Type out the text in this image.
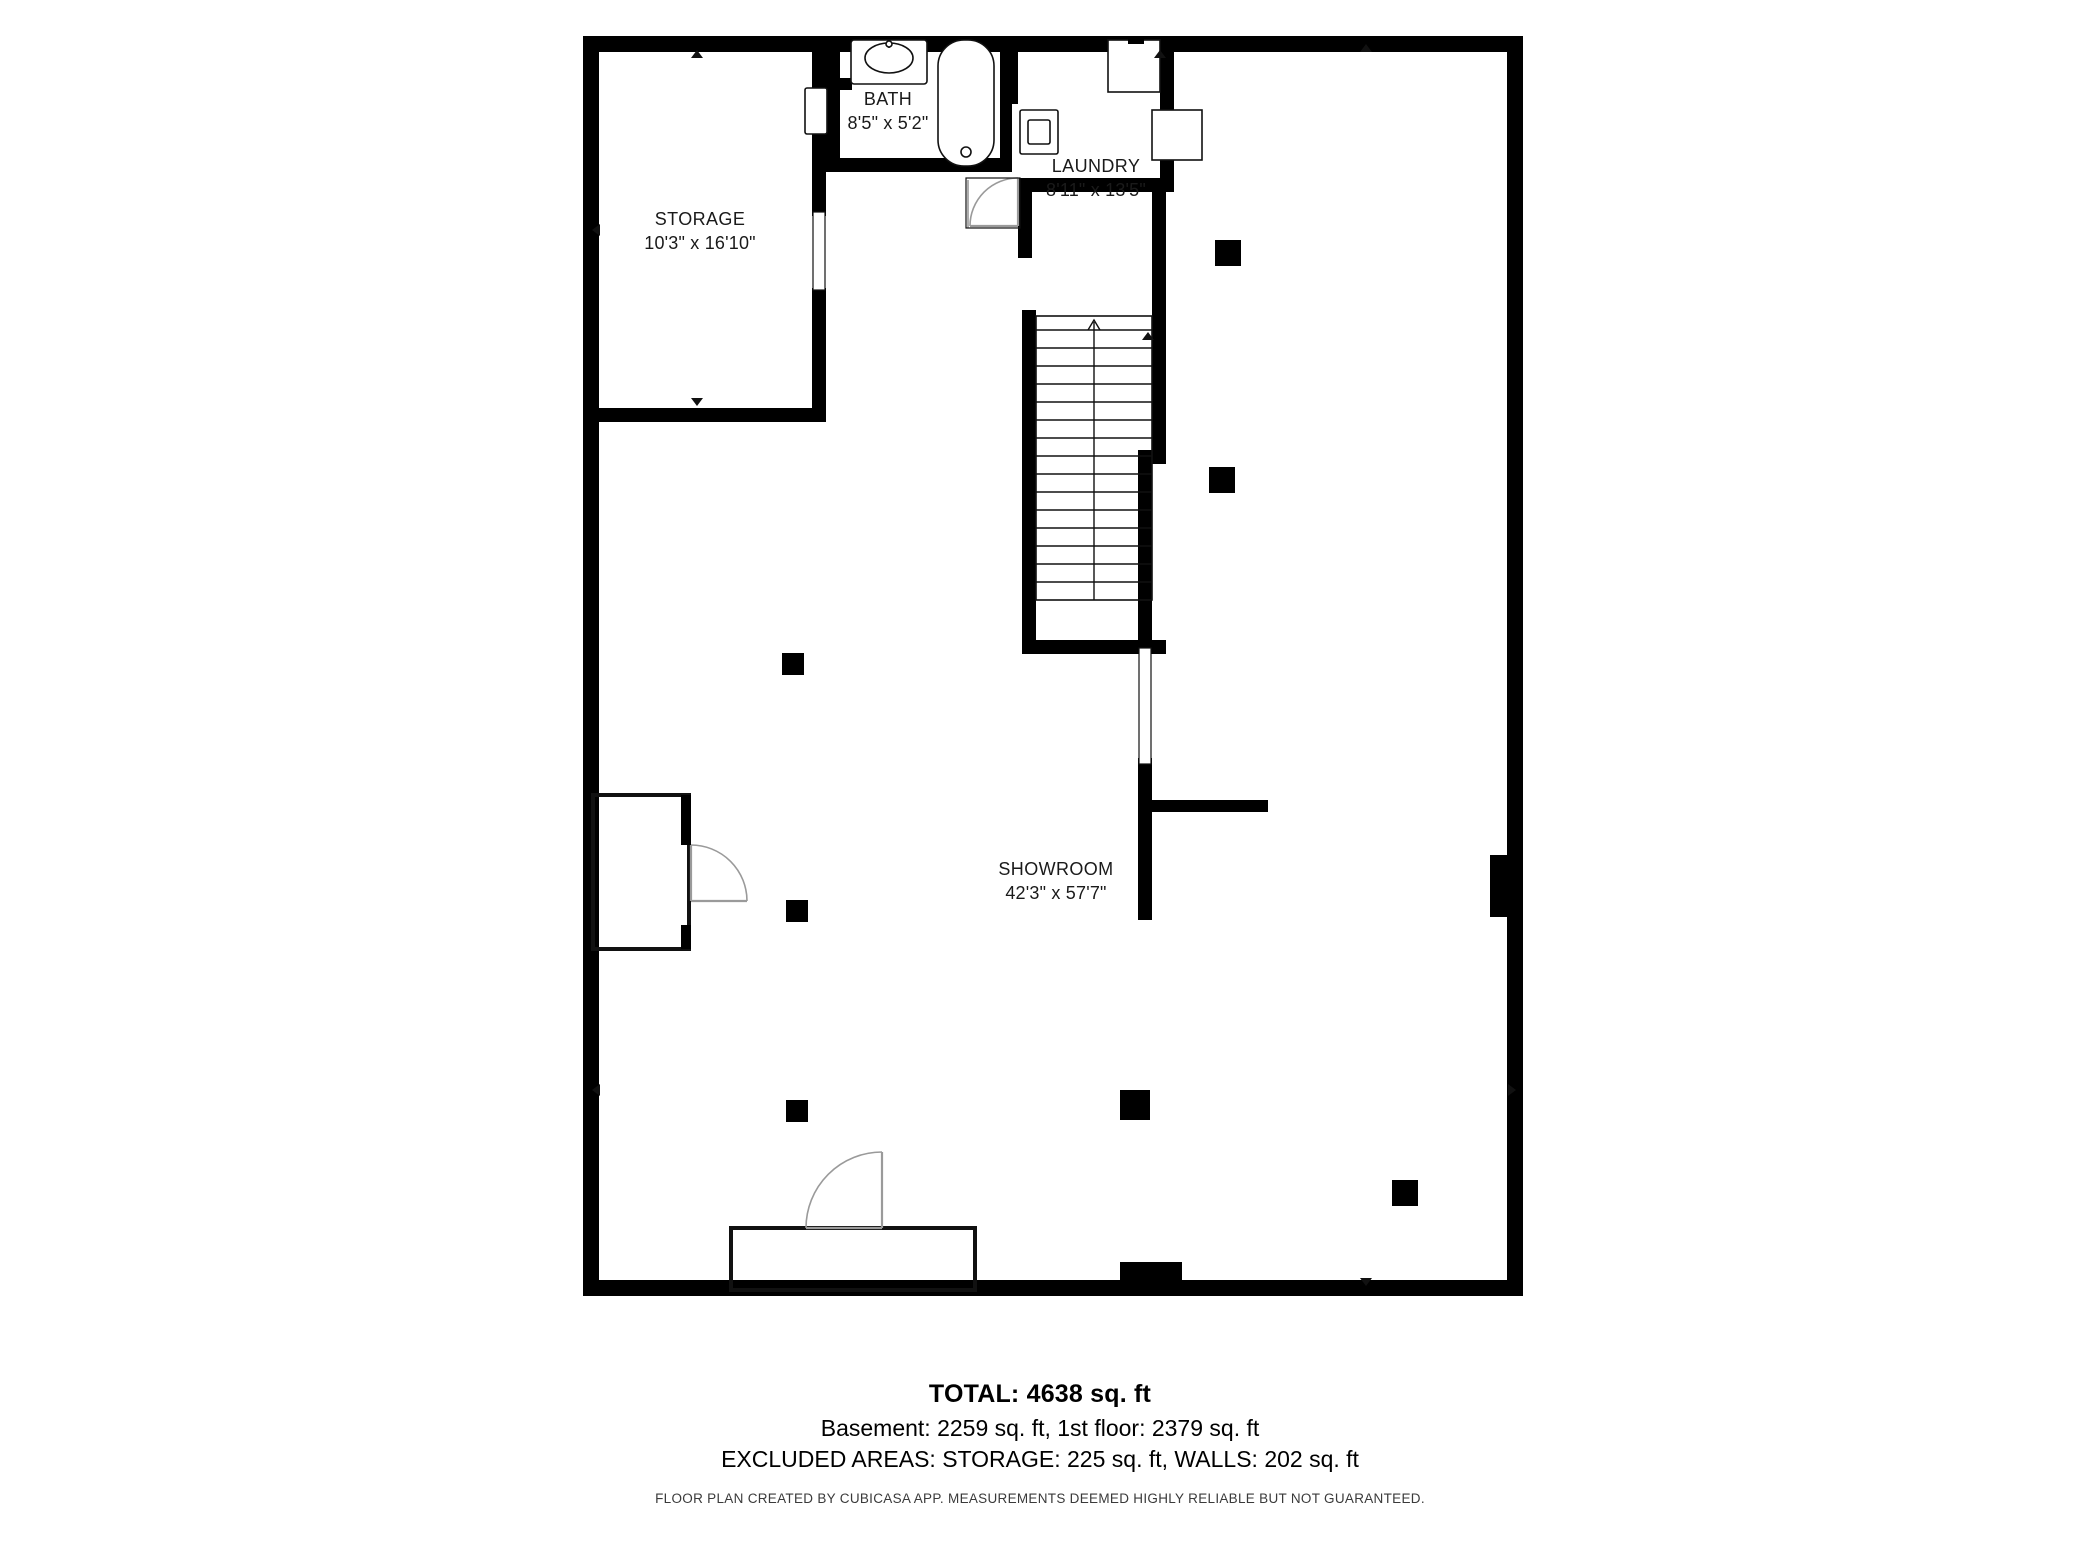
STORAGE
10'3" x 16'10"
BATH
8'5" x 5'2"
LAUNDRY
8'11" x 13'5"
SHOWROOM
42'3" x 57'7"

TOTAL: 4638 sq. ft

Basement: 2259 sq. ft, 1st floor: 2379 sq. ft

EXCLUDED AREAS: STORAGE: 225 sq. ft, WALLS: 202 sq. ft

FLOOR PLAN CREATED BY CUBICASA APP. MEASUREMENTS DEEMED HIGHLY RELIABLE BUT NOT GUARANTEED.
